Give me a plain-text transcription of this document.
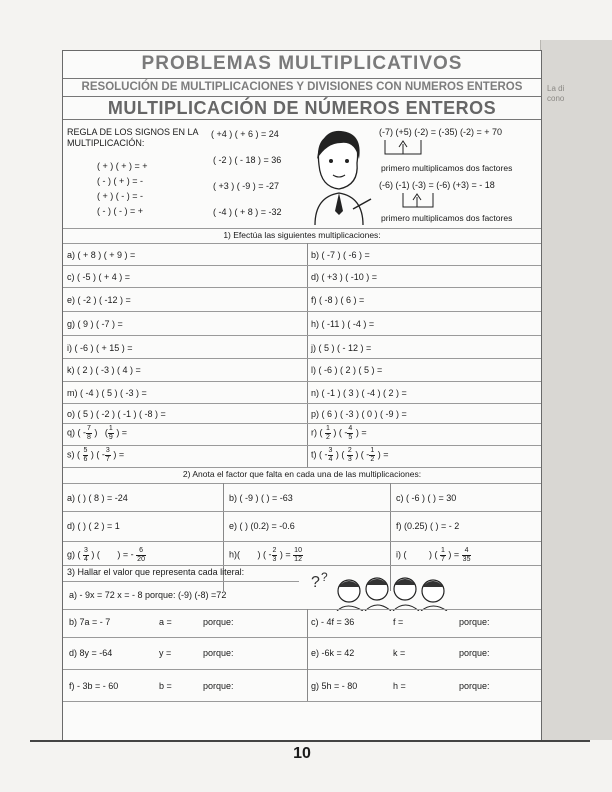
La di
cono
PROBLEMAS MULTIPLICATIVOS
RESOLUCIÓN DE MULTIPLICACIONES Y DIVISIONES CON NUMEROS ENTEROS
MULTIPLICACIÓN DE NÚMEROS ENTEROS
REGLA DE LOS SIGNOS EN LA MULTIPLICACIÓN:
( + ) ( + ) = +
( - ) ( + ) = -
( + ) ( - ) = -
( - ) ( - ) = +
( +4 ) ( + 6 ) = 24
( -2 ) ( - 18 ) = 36
( +3 ) ( -9 ) = -27
( -4 ) ( + 8 ) = -32
(-7) (+5) (-2) = (-35) (-2) = + 70
primero multiplicamos dos factores
(-6) (-1) (-3) = (-6) (+3) = - 18
primero multiplicamos dos factores
1) Efectúa las siguientes multiplicaciones:
a) ( + 8 ) ( + 9 ) =	b) ( -7 ) ( -6 ) =
c) ( -5 ) ( + 4 ) =	d) ( +3 ) ( -10 ) =
e) ( -2 ) ( -12 ) =	f) ( -8 ) ( 6 ) =
g) ( 9 ) ( -7 ) =	h) ( -11 ) ( -4 ) =
i) ( -6 ) ( + 15 ) =	j) ( 5 ) ( - 12 ) =
k) ( 2 ) ( -3 ) ( 4 ) =	l) ( -6 ) ( 2 ) ( 5 ) =
m) ( -4 ) ( 5 ) ( -3 ) =	n) ( -1 ) ( 3 ) ( -4 ) ( 2 ) =
o) ( 5 ) ( -2 ) ( -1 ) ( -8 ) =	p) ( 6 ) ( -3 ) ( 0 ) ( -9 ) =
q) ( - $\frac{7}{8}$ )   ( $\frac{1}{9}$ ) =	r) ( $\frac{1}{2}$ ) ( - $\frac{4}{5}$ ) =
s) ( $\frac{5}{6}$ ) ( - $\frac{3}{7}$ ) =	t) ( - $\frac{3}{4}$ ) ( $\frac{2}{3}$ ) ( - $\frac{1}{2}$ ) =
2) Anota el factor que falta en cada una de las multiplicaciones:
a) ( ) ( 8 ) = -24	b) ( -9 ) ( ) = -63	c) ( -6 ) ( ) = 30
d) ( ) ( 2 ) = 1	e) ( ) (0.2) = -0.6	f) (0.25) ( ) = - 2
g) ( $\frac{3}{4}$ ) (       ) = - $\frac{6}{20}$	h)(       ) ( - $\frac{2}{3}$ ) = $\frac{10}{12}$	i) (         ) ( $\frac{1}{7}$ ) = $\frac{4}{35}$
3) Hallar el valor que representa cada literal:
? ?
a) - 9x = 72 x = - 8 porque: (-9) (-8) =72
b) 7a = - 7	a =	porque:	c) - 4f = 36	f =	porque:
d) 8y = -64	y =	porque:	e) -6k = 42	k =	porque:
f) - 3b = - 60	b =	porque:	g) 5h = - 80	h =	porque:
10
